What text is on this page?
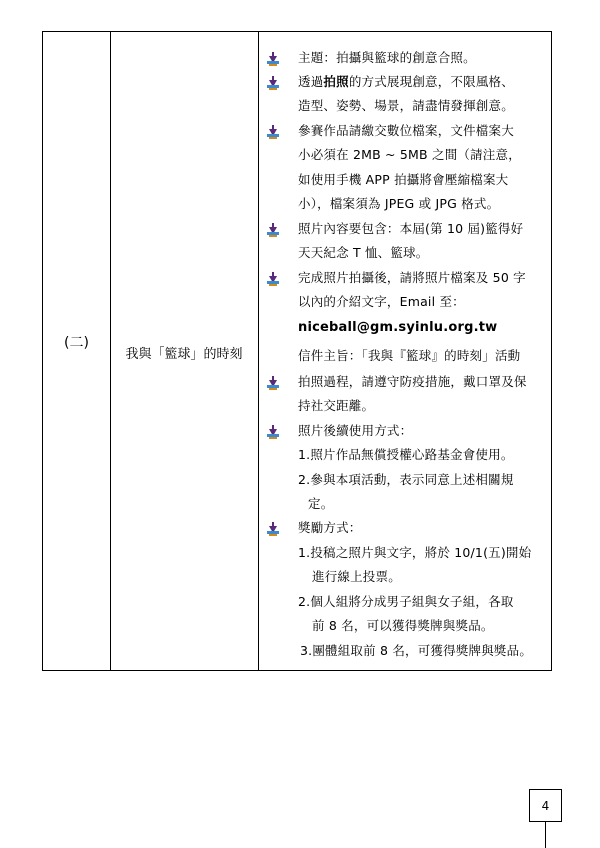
(二)
我與「籃球」的時刻
主題：拍攝與籃球的創意合照。
透過拍照的方式展現創意，不限風格、
造型、姿勢、場景，請盡情發揮創意。
參賽作品請繳交數位檔案，文件檔案大
小必須在 2MB ~ 5MB 之間（請注意，
如使用手機 APP 拍攝將會壓縮檔案大
小），檔案須為 JPEG 或 JPG 格式。
照片內容要包含：本屆(第 10 屆)籃得好
天天紀念 T 恤、籃球。
完成照片拍攝後，請將照片檔案及 50 字
以內的介紹文字，Email 至：
niceball@gm.syinlu.org.tw
信件主旨：「我與『籃球』的時刻」活動
拍照過程，請遵守防疫措施，戴口罩及保
持社交距離。
照片後續使用方式：
1.照片作品無償授權心路基金會使用。
2.參與本項活動，表示同意上述相關規
定。
獎勵方式：
1.投稿之照片與文字，將於 10/1(五)開始
進行線上投票。
2.個人組將分成男子組與女子組，各取
前 8 名，可以獲得獎牌與獎品。
3.團體組取前 8 名，可獲得獎牌與獎品。
4
